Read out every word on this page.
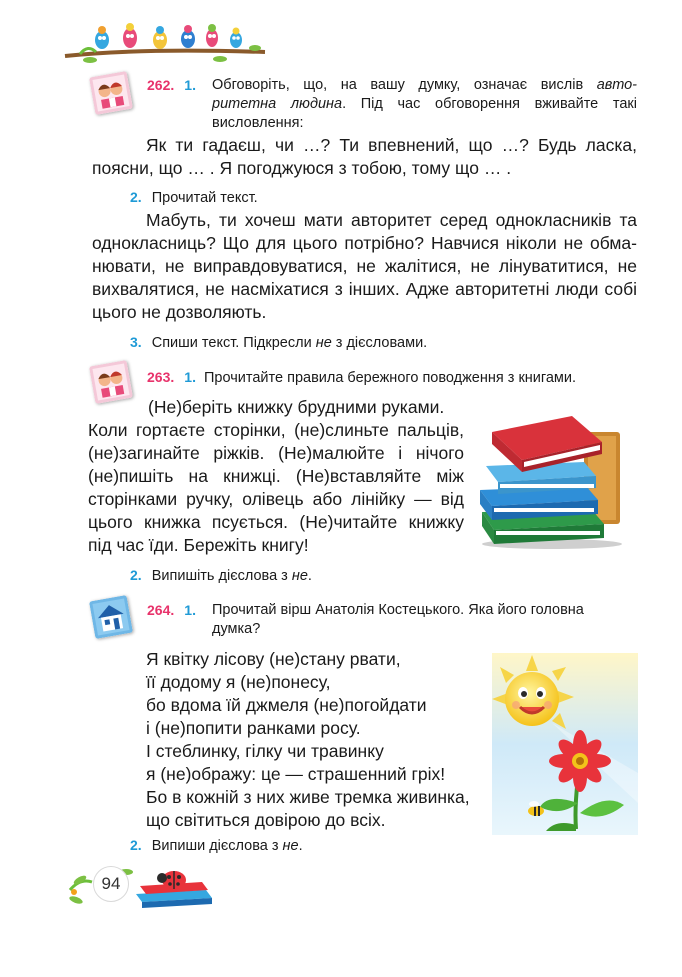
262. 1.	Обговоріть, що, на вашу думку, означає вислів авто-
ритетна людина. Під час обговорення вживайте такі
висловлення:
Як ти гадаєш, чи …? Ти впевнений, що …? Будь ласка,
поясни, що … . Я погоджуюся з тобою, тому що … .
2. Прочитай текст.
Мабуть, ти хочеш мати авторитет серед однокласників та
однокласниць? Що для цього потрібно? Навчися ніколи не обма-
нювати, не виправдовуватися, не жалітися, не лінуватитися, не
вихвалятися, не насміхатися з інших. Адже авторитетні люди собі
цього не дозволяють.
3. Спиши текст. Підкресли не з дієсловами.
263. 1. Прочитайте правила бережного поводження з книгами.
(Не)беріть книжку брудними руками.
Коли гортаєте сторінки, (не)слиньте пальців,
(не)загинайте ріжків. (Не)малюйте і нічого
(не)пишіть на книжці. (Не)вставляйте між
сторінками ручку, олівець або лінійку — від
цього книжка псується. (Не)читайте книжку
під час їди. Бережіть книгу!
2. Випишіть дієслова з не.
264. 1.	Прочитай вірш Анатолія Костецького. Яка його головна
думка?
Я квітку лісову (не)стану рвати,
її додому я (не)понесу,
бо вдома їй джмеля (не)погойдати
і (не)попити ранками росу.
І стеблинку, гілку чи травинку
я (не)ображу: це — страшенний гріх!
Бо в кожній з них живе тремка живинка,
що світиться довірою до всіх.
2. Випиши дієслова з не.
94
